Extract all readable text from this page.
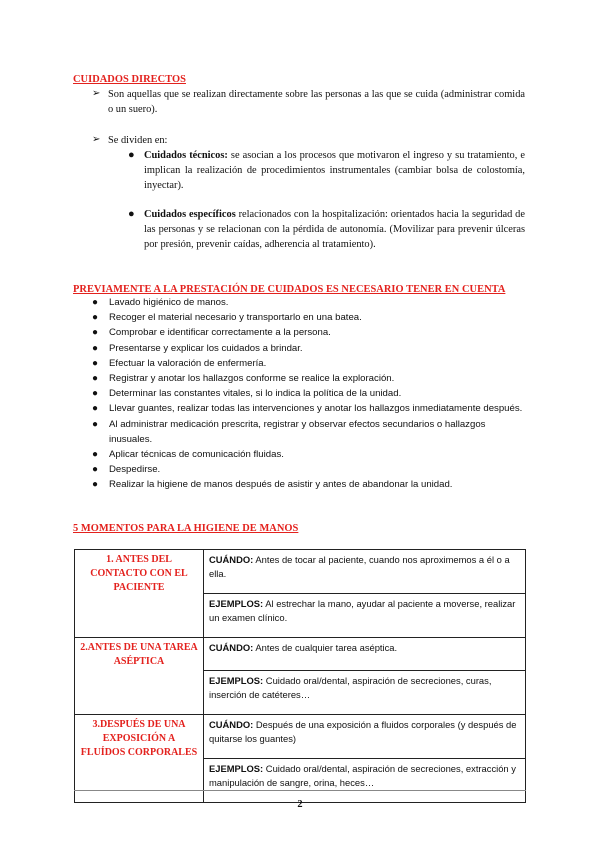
CUIDADOS DIRECTOS
➢ Son aquellas que se realizan directamente sobre las personas a las que se cuida (administrar comida o un suero).
➢ Se dividen en:
● Cuidados técnicos: se asocian a los procesos que motivaron el ingreso y su tratamiento, e implican la realización de procedimientos instrumentales (cambiar bolsa de colostomía, inyectar).
● Cuidados específicos relacionados con la hospitalización: orientados hacia la seguridad de las personas y se relacionan con la pérdida de autonomía. (Movilizar para prevenir úlceras por presión, prevenir caídas, adherencia al tratamiento).
PREVIAMENTE A LA PRESTACIÓN DE CUIDADOS ES NECESARIO TENER EN CUENTA
● Lavado higiénico de manos.
● Recoger el material necesario y transportarlo en una batea.
● Comprobar e identificar correctamente a la persona.
● Presentarse y explicar los cuidados a brindar.
● Efectuar la valoración de enfermería.
● Registrar y anotar los hallazgos conforme se realice la exploración.
● Determinar las constantes vitales, si lo indica la política de la unidad.
● Llevar guantes, realizar todas las intervenciones y anotar los hallazgos inmediatamente después.
● Al administrar medicación prescrita, registrar y observar efectos secundarios o hallazgos inusuales.
● Aplicar técnicas de comunicación fluidas.
● Despedirse.
● Realizar la higiene de manos después de asistir y antes de abandonar la unidad.
5 MOMENTOS PARA LA HIGIENE DE MANOS
1. ANTES DEL CONTACTO CON EL PACIENTE	CUÁNDO: Antes de tocar al paciente, cuando nos aproximemos a él o a ella.
	EJEMPLOS: Al estrechar la mano, ayudar al paciente a moverse, realizar un examen clínico.

2.ANTES DE UNA TAREA ASÉPTICA	CUÁNDO: Antes de cualquier tarea aséptica.
	EJEMPLOS: Cuidado oral/dental, aspiración de secreciones, curas, inserción de catéteres…

3.DESPUÉS DE UNA EXPOSICIÓN A FLUÍDOS CORPORALES	CUÁNDO: Después de una exposición a fluidos corporales (y después de quitarse los guantes)
	EJEMPLOS: Cuidado oral/dental, aspiración de secreciones, extracción y manipulación de sangre, orina, heces…
2
